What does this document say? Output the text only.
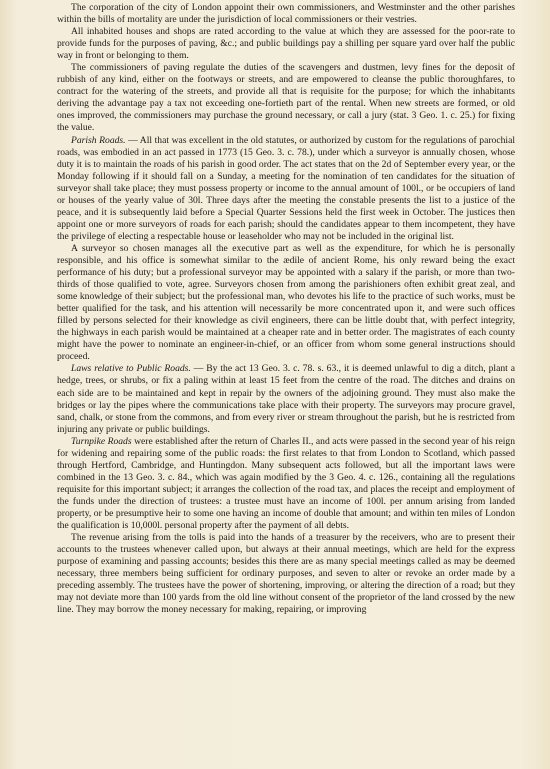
The corporation of the city of London appoint their own commissioners, and Westminster and the other parishes within the bills of mortality are under the jurisdiction of local commissioners or their vestries.

All inhabited houses and shops are rated according to the value at which they are assessed for the poor-rate to provide funds for the purposes of paving, &c.; and public buildings pay a shilling per square yard over half the public way in front or belonging to them.

The commissioners of paving regulate the duties of the scavengers and dustmen, levy fines for the deposit of rubbish of any kind, either on the footways or streets, and are empowered to cleanse the public thoroughfares, to contract for the watering of the streets, and provide all that is requisite for the purpose; for which the inhabitants deriving the advantage pay a tax not exceeding one-fortieth part of the rental. When new streets are formed, or old ones improved, the commissioners may purchase the ground necessary, or call a jury (stat. 3 Geo. 1. c. 25.) for fixing the value.

Parish Roads. — All that was excellent in the old statutes, or authorized by custom for the regulations of parochial roads, was embodied in an act passed in 1773 (15 Geo. 3. c. 78.), under which a surveyor is annually chosen, whose duty it is to maintain the roads of his parish in good order. The act states that on the 2d of September every year, or the Monday following if it should fall on a Sunday, a meeting for the nomination of ten candidates for the situation of surveyor shall take place; they must possess property or income to the annual amount of 100l., or be occupiers of land or houses of the yearly value of 30l. Three days after the meeting the constable presents the list to a justice of the peace, and it is subsequently laid before a Special Quarter Sessions held the first week in October. The justices then appoint one or more surveyors of roads for each parish; should the candidates appear to them incompetent, they have the privilege of electing a respectable house or leaseholder who may not be included in the original list.

A surveyor so chosen manages all the executive part as well as the expenditure, for which he is personally responsible, and his office is somewhat similar to the ædile of ancient Rome, his only reward being the exact performance of his duty; but a professional surveyor may be appointed with a salary if the parish, or more than two-thirds of those qualified to vote, agree. Surveyors chosen from among the parishioners often exhibit great zeal, and some knowledge of their subject; but the professional man, who devotes his life to the practice of such works, must be better qualified for the task, and his attention will necessarily be more concentrated upon it, and were such offices filled by persons selected for their knowledge as civil engineers, there can be little doubt that, with perfect integrity, the highways in each parish would be maintained at a cheaper rate and in better order. The magistrates of each county might have the power to nominate an engineer-in-chief, or an officer from whom some general instructions should proceed.

Laws relative to Public Roads. — By the act 13 Geo. 3. c. 78. s. 63., it is deemed unlawful to dig a ditch, plant a hedge, trees, or shrubs, or fix a paling within at least 15 feet from the centre of the road. The ditches and drains on each side are to be maintained and kept in repair by the owners of the adjoining ground. They must also make the bridges or lay the pipes where the communications take place with their property. The surveyors may procure gravel, sand, chalk, or stone from the commons, and from every river or stream throughout the parish, but he is restricted from injuring any private or public buildings.

Turnpike Roads were established after the return of Charles II., and acts were passed in the second year of his reign for widening and repairing some of the public roads: the first relates to that from London to Scotland, which passed through Hertford, Cambridge, and Huntingdon. Many subsequent acts followed, but all the important laws were combined in the 13 Geo. 3. c. 84., which was again modified by the 3 Geo. 4. c. 126., containing all the regulations requisite for this important subject; it arranges the collection of the road tax, and places the receipt and employment of the funds under the direction of trustees: a trustee must have an income of 100l. per annum arising from landed property, or be presumptive heir to some one having an income of double that amount; and within ten miles of London the qualification is 10,000l. personal property after the payment of all debts.

The revenue arising from the tolls is paid into the hands of a treasurer by the receivers, who are to present their accounts to the trustees whenever called upon, but always at their annual meetings, which are held for the express purpose of examining and passing accounts; besides this there are as many special meetings called as may be deemed necessary, three members being sufficient for ordinary purposes, and seven to alter or revoke an order made by a preceding assembly. The trustees have the power of shortening, improving, or altering the direction of a road; but they may not deviate more than 100 yards from the old line without consent of the proprietor of the land crossed by the new line. They may borrow the money necessary for making, repairing, or improving
